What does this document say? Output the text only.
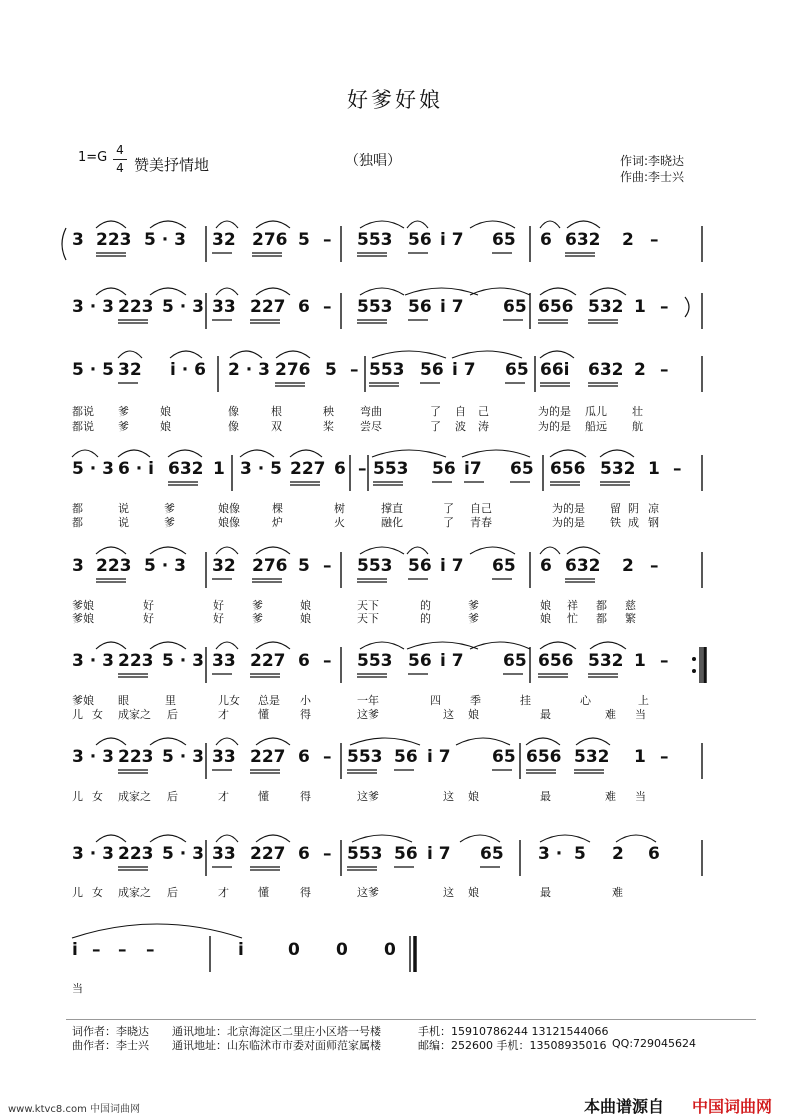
好爹好娘
1=G 4
4 赞美抒情地	（独唱）	作词:李晓达
作曲:李士兴
3 223 5 · 3 32 276 5 – 553 56 i 7 65 6 632 2 –
3 · 3 223 5 · 3 33 227 6 – 553 56 i 7 65 656 532 1 –
5 · 5 32 i · 6 2 · 3 276 5 – 553 56 i 7 65 66i 632 2 –
5 · 3 6 · i 632 1 3 · 5 227 6 – 553 56 i7 65 656 532 1 –
3 223 5 · 3 32 276 5 – 553 56 i 7 65 6 632 2 –
3 · 3 223 5 · 3 33 227 6 – 553 56 i 7 65 656 532 1 –
3 · 3 223 5 · 3 33 227 6 – 553 56 i 7 65 656 532 1 –
3 · 3 223 5 · 3 33 227 6 – 553 56 i 7 65 3 · 5 2 6
i – – –	i	0 0 0
都说 爹	娘	像	根	秧 弯曲	了 自 己	为的是 瓜儿 壮
都说 爹	娘	像	双	桨 尝尽	了 波 涛	为的是 船远 航
都	说	爹	娘像	棵	树	撑直	了 自己	为的是 留 阴 凉
都	说	爹	娘像	炉	火	融化	了 青春	为的是 铁 成 钢
爹娘	好	好	爹	娘	天下	的	爹	娘	都 慈
祥
爹娘	好	好	爹	娘	天下	的	爹	娘	都 繁
忙
爹娘 眼	里	儿女 总是 小	一年	四	季	挂	心	上
儿 女 成家之 后	才	懂	得	这爹	这 娘	最	难 当
儿 女 成家之 后	才	懂	得	这爹	这 娘	最	难 当
儿 女 成家之 后	才	懂	得	这爹	这 娘	最	难
当
词作者：李晓达 通讯地址：北京海淀区二里庄小区塔一号楼	手机：15910786244 13121544066
曲作者：李士兴 通讯地址：山东临沭市市委对面师范家属楼	邮编：252600 手机：13508935016 QQ:729045624
www.ktvc8.com 中国词曲网	本曲谱源自 中国词曲网
